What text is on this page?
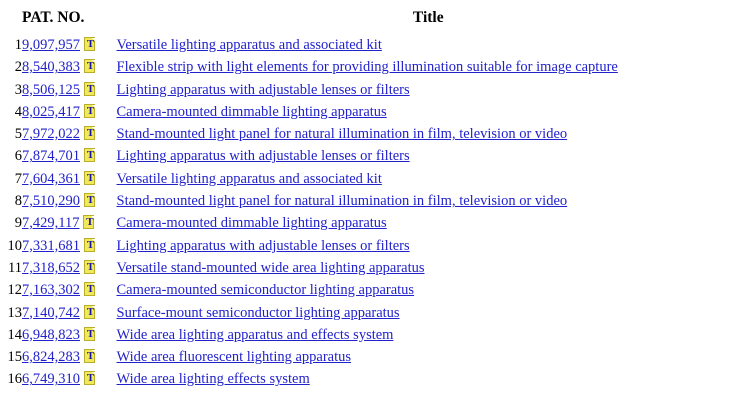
	PAT. NO.	Title
1	9,097,957 T	Versatile lighting apparatus and associated kit
2	8,540,383 T	Flexible strip with light elements for providing illumination suitable for image capture
3	8,506,125 T	Lighting apparatus with adjustable lenses or filters
4	8,025,417 T	Camera-mounted dimmable lighting apparatus
5	7,972,022 T	Stand-mounted light panel for natural illumination in film, television or video
6	7,874,701 T	Lighting apparatus with adjustable lenses or filters
7	7,604,361 T	Versatile lighting apparatus and associated kit
8	7,510,290 T	Stand-mounted light panel for natural illumination in film, television or video
9	7,429,117 T	Camera-mounted dimmable lighting apparatus
10	7,331,681 T	Lighting apparatus with adjustable lenses or filters
11	7,318,652 T	Versatile stand-mounted wide area lighting apparatus
12	7,163,302 T	Camera-mounted semiconductor lighting apparatus
13	7,140,742 T	Surface-mount semiconductor lighting apparatus
14	6,948,823 T	Wide area lighting apparatus and effects system
15	6,824,283 T	Wide area fluorescent lighting apparatus
16	6,749,310 T	Wide area lighting effects system
